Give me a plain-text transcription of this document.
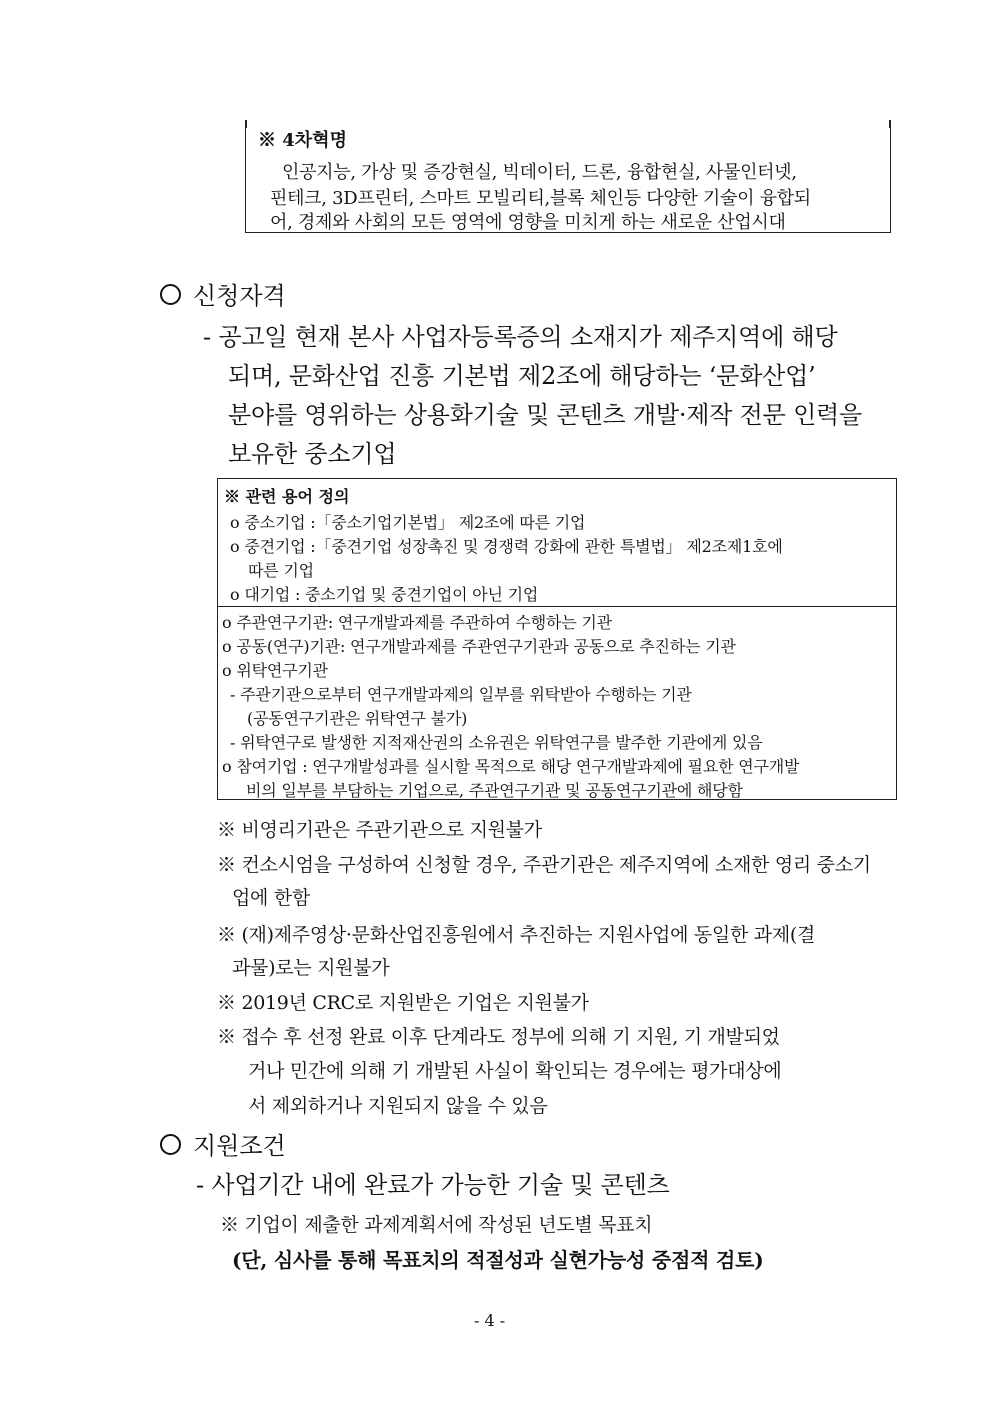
※ 4차혁명
인공지능, 가상 및 증강현실, 빅데이터, 드론, 융합현실, 사물인터넷,
핀테크, 3D프린터, 스마트 모빌리티,블록 체인등 다양한 기술이 융합되
어, 경제와 사회의 모든 영역에 영향을 미치게 하는 새로운 산업시대
신청자격
- 공고일 현재 본사 사업자등록증의 소재지가 제주지역에 해당
되며, 문화산업 진흥 기본법 제2조에 해당하는 ‘문화산업’
분야를 영위하는 상용화기술 및 콘텐츠 개발·제작 전문 인력을
보유한 중소기업
※ 관련 용어 정의
o 중소기업 :「중소기업기본법」 제2조에 따른 기업
o 중견기업 :「중견기업 성장촉진 및 경쟁력 강화에 관한 특별법」 제2조제1호에
따른 기업
o 대기업 : 중소기업 및 중견기업이 아닌 기업
o 주관연구기관: 연구개발과제를 주관하여 수행하는 기관
o 공동(연구)기관: 연구개발과제를 주관연구기관과 공동으로 추진하는 기관
o 위탁연구기관
- 주관기관으로부터 연구개발과제의 일부를 위탁받아 수행하는 기관
(공동연구기관은 위탁연구 불가)
- 위탁연구로 발생한 지적재산권의 소유권은 위탁연구를 발주한 기관에게 있음
o 참여기업 : 연구개발성과를 실시할 목적으로 해당 연구개발과제에 필요한 연구개발
비의 일부를 부담하는 기업으로, 주관연구기관 및 공동연구기관에 해당함
※ 비영리기관은 주관기관으로 지원불가
※ 컨소시엄을 구성하여 신청할 경우, 주관기관은 제주지역에 소재한 영리 중소기
업에 한함
※ (재)제주영상·문화산업진흥원에서 추진하는 지원사업에 동일한 과제(결
과물)로는 지원불가
※ 2019년 CRC로 지원받은 기업은 지원불가
※ 접수 후 선정 완료 이후 단계라도 정부에 의해 기 지원, 기 개발되었
거나 민간에 의해 기 개발된 사실이 확인되는 경우에는 평가대상에
서 제외하거나 지원되지 않을 수 있음
지원조건
- 사업기간 내에 완료가 가능한 기술 및 콘텐츠
※ 기업이 제출한 과제계획서에 작성된 년도별 목표치
(단, 심사를 통해 목표치의 적절성과 실현가능성 중점적 검토)
- 4 -
